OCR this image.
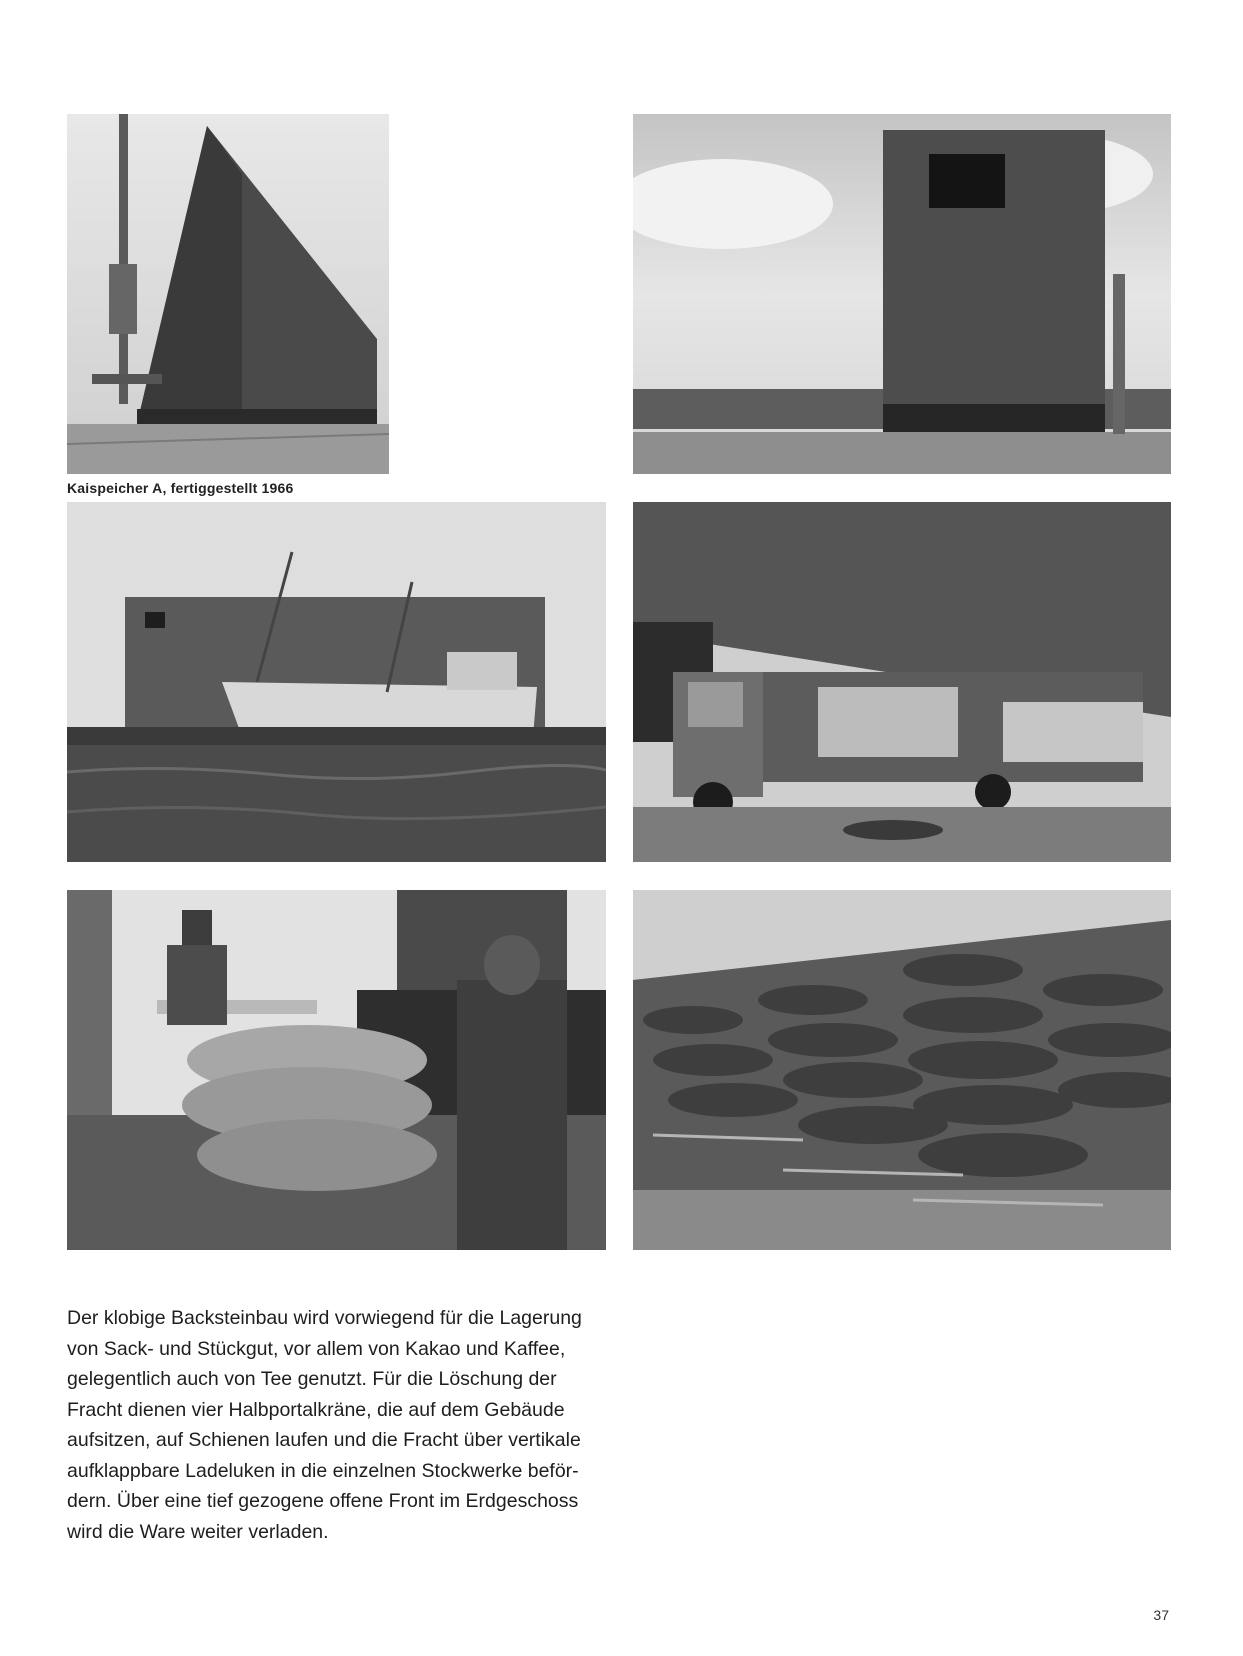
Kaispeicher A, fertiggestellt 1966
Der klobige Backsteinbau wird vorwiegend für die Lagerung
von Sack- und Stückgut, vor allem von Kakao und Kaffee,
gelegentlich auch von Tee genutzt. Für die Löschung der
Fracht dienen vier Halbportalkräne, die auf dem Gebäude
aufsitzen, auf Schienen laufen und die Fracht über vertikale
aufklappbare Ladeluken in die einzelnen Stockwerke beför-
dern. Über eine tief gezogene offene Front im Erdgeschoss
wird die Ware weiter verladen.
37
